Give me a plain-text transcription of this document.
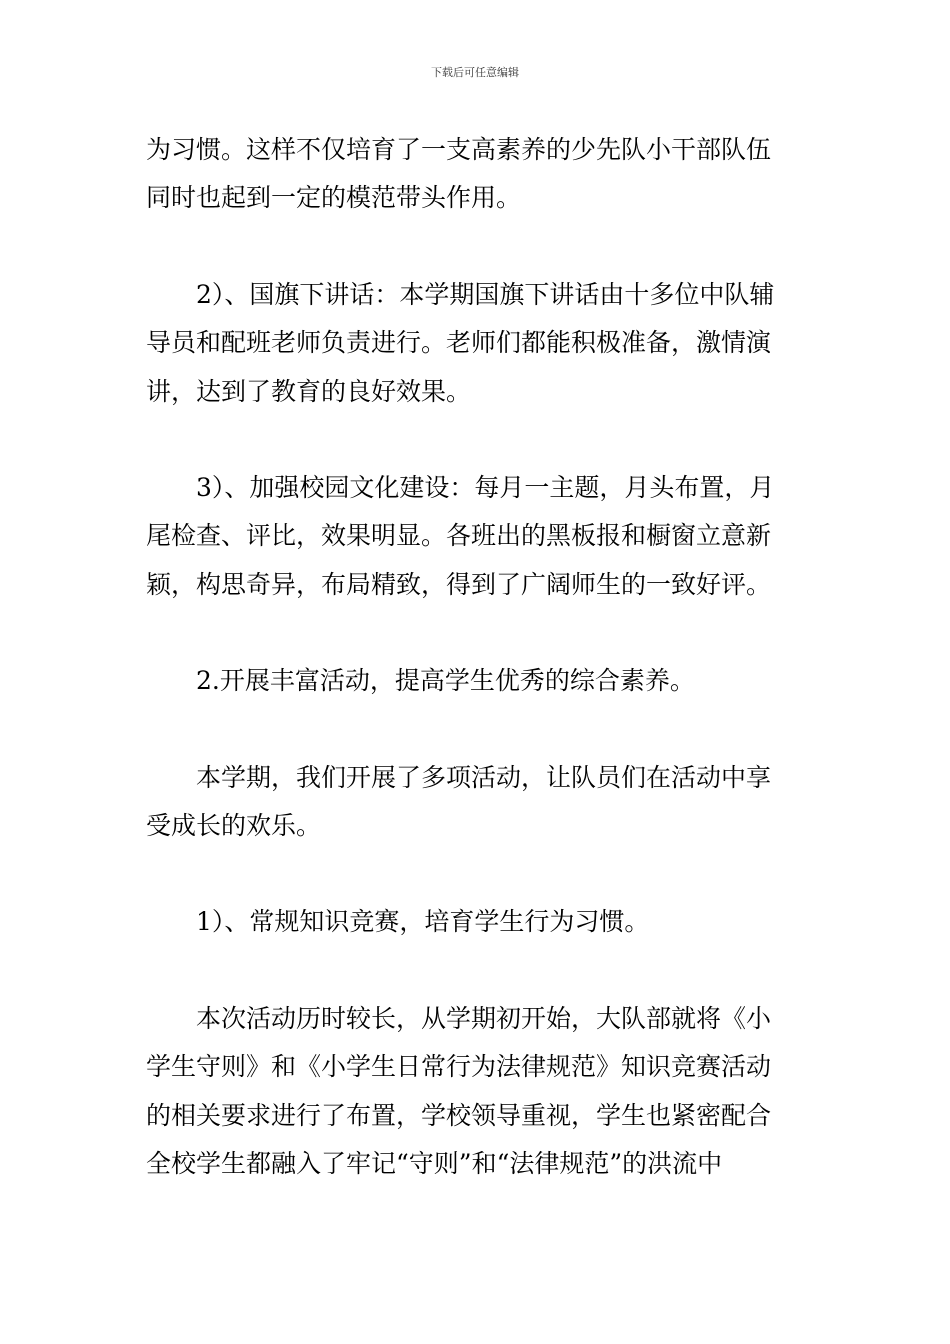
下载后可任意编辑

为习惯。这样不仅培育了一支高素养的少先队小干部队伍
同时也起到一定的模范带头作用。

2）、国旗下讲话：本学期国旗下讲话由十多位中队辅
导员和配班老师负责进行。老师们都能积极准备，激情演
讲，达到了教育的良好效果。

3）、加强校园文化建设：每月一主题，月头布置，月
尾检查、评比，效果明显。各班出的黑板报和橱窗立意新
颖，构思奇异，布局精致，得到了广阔师生的一致好评。

2.开展丰富活动，提高学生优秀的综合素养。

本学期，我们开展了多项活动，让队员们在活动中享
受成长的欢乐。

1）、常规知识竞赛，培育学生行为习惯。

本次活动历时较长，从学期初开始，大队部就将《小
学生守则》和《小学生日常行为法律规范》知识竞赛活动
的相关要求进行了布置，学校领导重视，学生也紧密配合
全校学生都融入了牢记“守则”和“法律规范”的洪流中
